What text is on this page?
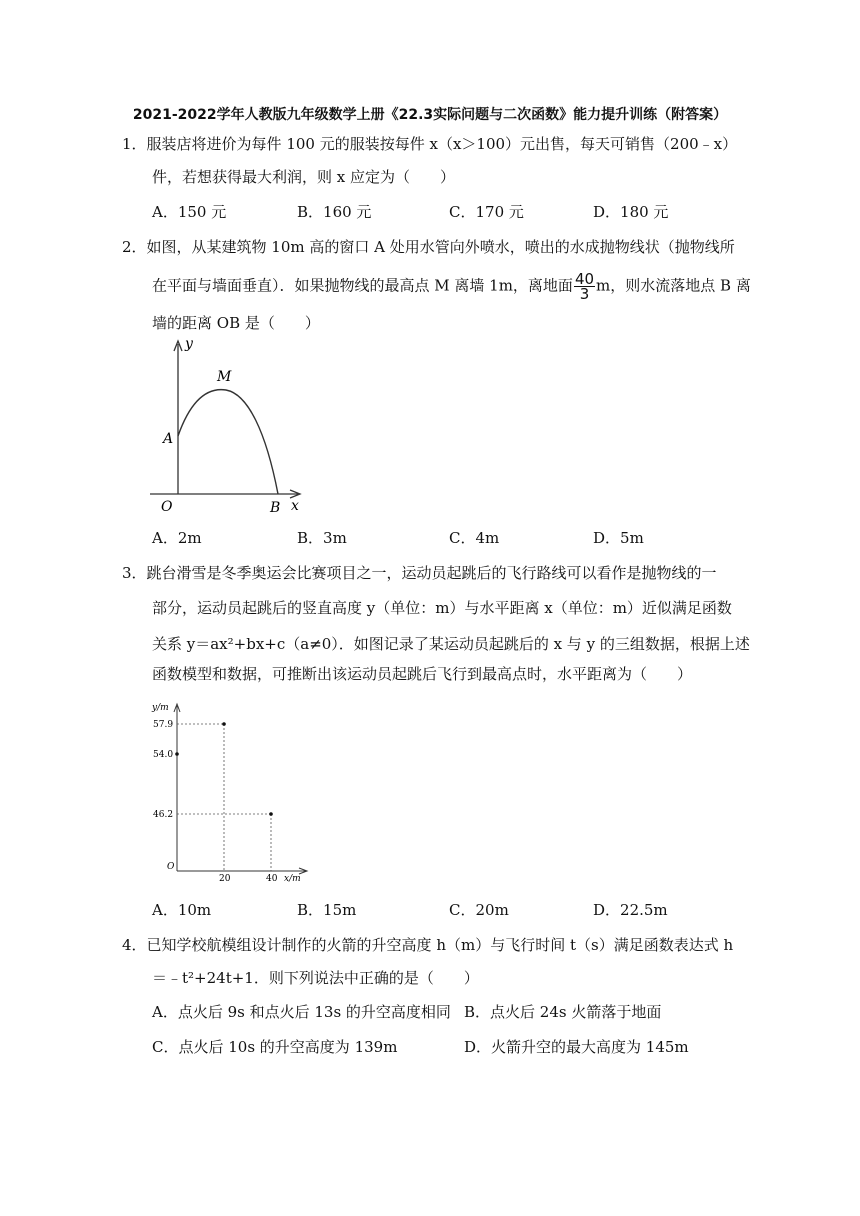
2021-2022学年人教版九年级数学上册《22.3实际问题与二次函数》能力提升训练（附答案）
1．服装店将进价为每件 100 元的服装按每件 x（x＞100）元出售，每天可销售（200﹣x）
件，若想获得最大利润，则 x 应定为（　　）
A．150 元	B．160 元	C．170 元	D．180 元
2．如图，从某建筑物 10m 高的窗口 A 处用水管向外喷水，喷出的水成抛物线状（抛物线所
在平面与墙面垂直）．如果抛物线的最高点 M 离墙 1m，离地面 $\frac{40}{3}$ m，则水流落地点 B 离
墙的距离 OB 是（　　）
y
x
O
A
B
M
A．2m	B．3m	C．4m	D．5m
3．跳台滑雪是冬季奥运会比赛项目之一，运动员起跳后的飞行路线可以看作是抛物线的一
部分，运动员起跳后的竖直高度 y（单位：m）与水平距离 x（单位：m）近似满足函数
关系 y＝ax²+bx+c（a≠0）．如图记录了某运动员起跳后的 x 与 y 的三组数据，根据上述
函数模型和数据，可推断出该运动员起跳后飞行到最高点时，水平距离为（　　）
y/m
x/m
O
57.9
54.0
46.2
20	40
A．10m	B．15m	C．20m	D．22.5m
4．已知学校航模组设计制作的火箭的升空高度 h（m）与飞行时间 t（s）满足函数表达式 h
＝﹣t²+24t+1．则下列说法中正确的是（　　）
A．点火后 9s 和点火后 13s 的升空高度相同 B．点火后 24s 火箭落于地面
C．点火后 10s 的升空高度为 139m	D．火箭升空的最大高度为 145m
